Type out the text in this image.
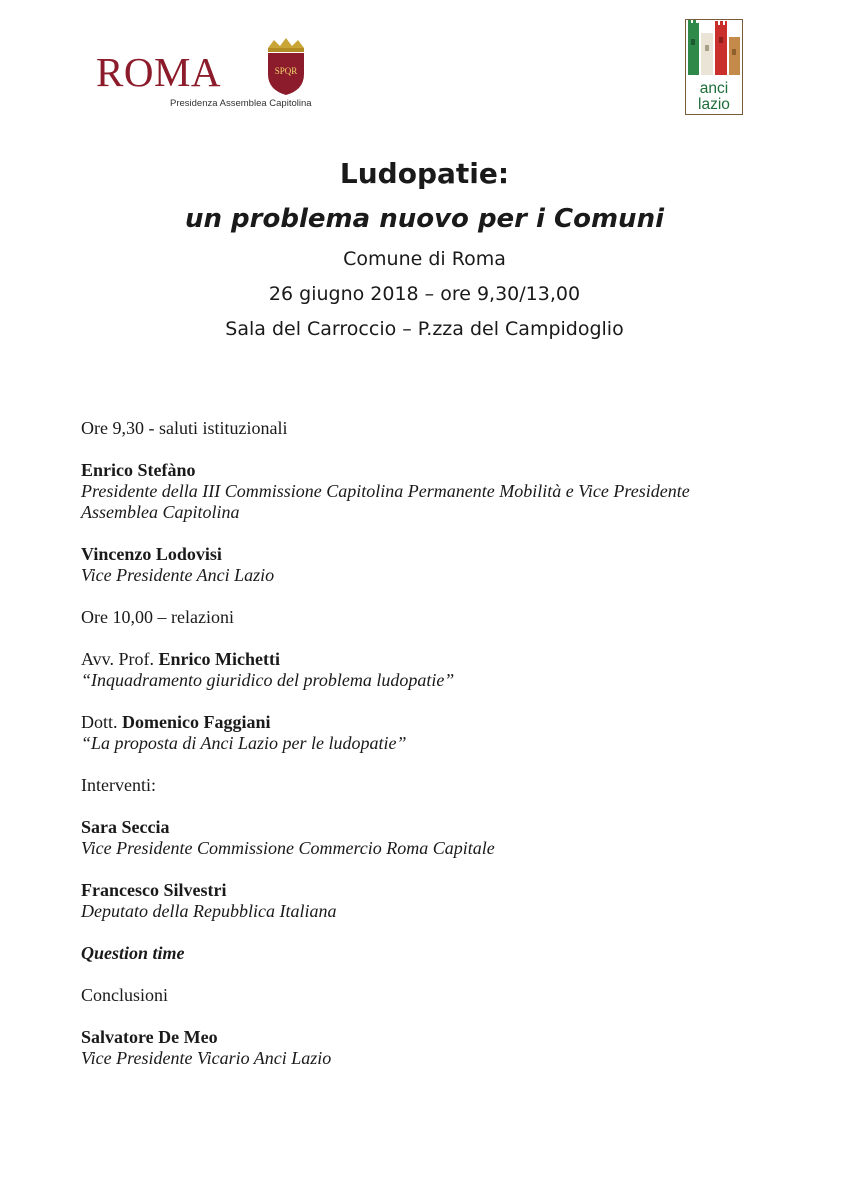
ROMA	SPQR
Presidenza Assemblea Capitolina
anci
lazio
Ludopatie:
un problema nuovo per i Comuni

Comune di Roma

26 giugno 2018 – ore 9,30/13,00

Sala del Carroccio – P.zza del Campidoglio

Ore 9,30 - saluti istituzionali

Enrico Stefàno

Presidente della III Commissione Capitolina Permanente Mobilità e Vice Presidente

Assemblea Capitolina

Vincenzo Lodovisi

Vice Presidente Anci Lazio

Ore 10,00 – relazioni

Avv. Prof. Enrico Michetti

“Inquadramento giuridico del problema ludopatie”

Dott. Domenico Faggiani

“La proposta di Anci Lazio per le ludopatie”

Interventi:

Sara Seccia

Vice Presidente Commissione Commercio Roma Capitale

Francesco Silvestri

Deputato della Repubblica Italiana

Question time

Conclusioni

Salvatore De Meo

Vice Presidente Vicario Anci Lazio
